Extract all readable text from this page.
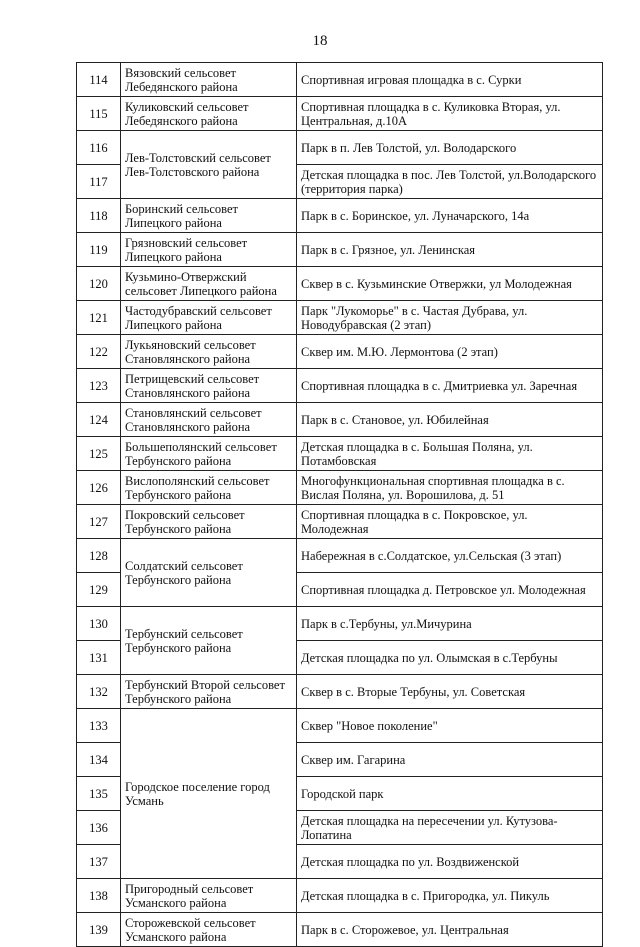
18
114	Вязовский сельсовет Лебедянского района	Спортивная игровая площадка в с. Сурки
115	Куликовский сельсовет Лебедянского района	Спортивная площадка в с. Куликовка Вторая, ул. Центральная, д.10А
116	Лев-Толстовский сельсовет Лев-Толстовского района	Парк в п. Лев Толстой, ул. Володарского
117		Детская площадка в пос. Лев Толстой, ул.Володарского (территория парка)
118	Боринский сельсовет Липецкого района	Парк в с. Боринское, ул. Луначарского, 14а
119	Грязновский сельсовет Липецкого района	Парк в с. Грязное, ул. Ленинская
120	Кузьмино-Отвержский сельсовет Липецкого района	Сквер в с. Кузьминские Отвержки, ул Молодежная
121	Частодубравский сельсовет Липецкого района	Парк "Лукоморье" в с. Частая Дубрава, ул. Новодубравская (2 этап)
122	Лукьяновский сельсовет Становлянского района	Сквер им. М.Ю. Лермонтова (2 этап)
123	Петрищевский сельсовет Становлянского района	Спортивная площадка в с. Дмитриевка ул. Заречная
124	Становлянский сельсовет Становлянского района	Парк в с. Становое, ул. Юбилейная
125	Большеполянский сельсовет Тербунского района	Детская площадка в с. Большая Поляна, ул. Потамбовская
126	Вислополянский сельсовет Тербунского района	Многофункциональная спортивная площадка в с. Вислая Поляна, ул. Ворошилова, д. 51
127	Покровский сельсовет Тербунского района	Спортивная площадка в с. Покровское, ул. Молодежная
128	Солдатский сельсовет Тербунского района	Набережная в с.Солдатское, ул.Сельская (3 этап)
129		Спортивная площадка д. Петровское ул. Молодежная
130	Тербунский сельсовет Тербунского района	Парк в с.Тербуны, ул.Мичурина
131		Детская площадка по ул. Олымская в с.Тербуны
132	Тербунский Второй сельсовет Тербунского района	Сквер в с. Вторые Тербуны, ул. Советская
133	Городское поселение город Усмань	Сквер "Новое поколение"
134		Сквер им. Гагарина
135		Городской парк
136		Детская площадка на пересечении ул. Кутузова-Лопатина
137		Детская площадка по ул. Воздвиженской
138	Пригородный сельсовет Усманского района	Детская площадка в с. Пригородка, ул. Пикуль
139	Сторожевской сельсовет Усманского района	Парк в с. Сторожевое, ул. Центральная
